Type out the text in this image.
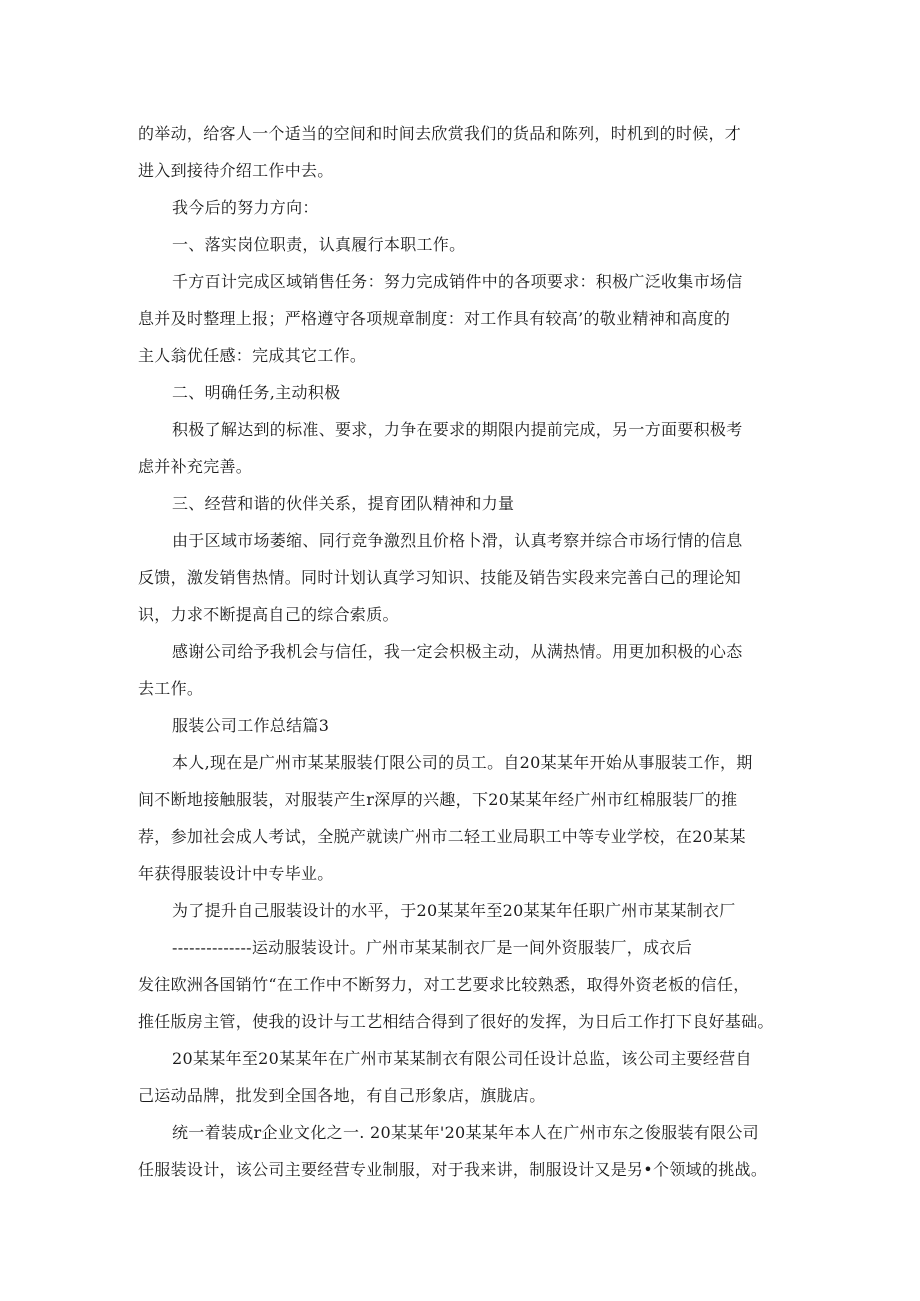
的举动，给客人一个适当的空间和时间去欣赏我们的货品和陈列，时机到的时候，才
进入到接待介绍工作中去。
我今后的努力方向：
一、落实岗位职责，认真履行本职工作。
千方百计完成区域销售任务：努力完成销件中的各项要求：积极广泛收集市场信
息并及时整理上报；严格遵守各项规章制度：对工作具有较高’的敬业精神和高度的
主人翁优任感：完成其它工作。
二、明确任务,主动积极
积极了解达到的标准、要求，力争在要求的期限内提前完成，另一方面要积极考
虑并补充完善。
三、经营和谐的伙伴关系，提育团队精神和力量
由于区域市场萎缩、同行竞争激烈且价格卜滑，认真考察并综合市场行情的信息
反馈，激发销售热情。同时计划认真学习知识、技能及销告实段来完善白己的理论知
识，力求不断提高自己的综合索质。
感谢公司给予我机会与信任，我一定会枳极主动，从满热情。用更加积极的心态
去工作。
服装公司工作总结篇3
本人,现在是广州市某某服装仃限公司的员工。自20某某年开始从事服装工作，期
间不断地接触服装，对服装产生r深厚的兴趣，下20某某年经广州市红棉服装厂的推
荐，参加社会成人考试，全脱产就读广州市二轻工业局职工中等专业学校，在20某某
年获得服装设计中专毕业。
为了提升自己服装设计的水平，于20某某年至20某某年任职广州市某某制衣厂
--------------运动服装设计。广州市某某制衣厂是一间外资服装厂，成衣后
发往欧洲各国销竹“在工作中不断努力，对工艺要求比较熟悉，取得外资老板的信任，
推任版房主管，使我的设计与工艺相结合得到了很好的发挥，为日后工作打下良好基础。
20某某年至20某某年在广州市某某制衣有限公司任设计总监，该公司主要经营自
己运动品牌，批发到全国各地，有自己形象店，旗胧店。
统一着装成r企业文化之一. 20某某年'20某某年本人在广州市东之俊服装有限公司
任服装设计，该公司主要经营专业制服，对于我来讲，制服设计又是另•个领域的挑战。
